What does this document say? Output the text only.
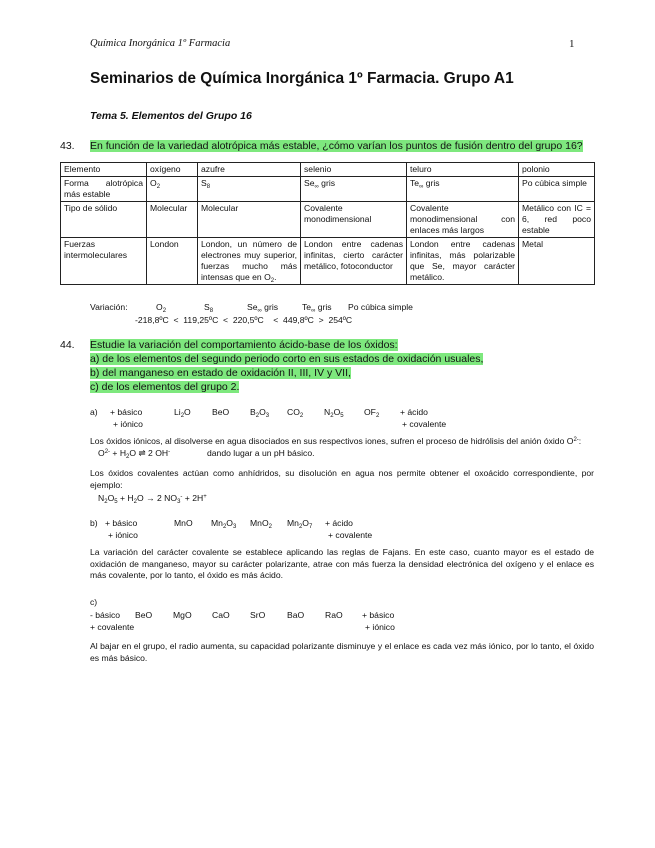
Química Inorgánica 1º Farmacia	1
Seminarios de Química Inorgánica 1º Farmacia. Grupo A1
Tema 5. Elementos del Grupo 16
43. En función de la variedad alotrópica más estable, ¿cómo varían los puntos de fusión dentro del grupo 16?
Elemento	oxígeno	azufre	selenio	teluro	polonio
Forma alotrópica más estable	$O_2$	$S_8$	$Se_\infty$ gris	$Te_\infty$ gris	Po cúbica simple
Tipo de sólido	Molecular	Molecular	Covalente monodimensional	Covalente monodimensional con enlaces más largos	Metálico con IC = 6, red poco estable
Fuerzas intermoleculares	London	London, un número de electrones muy superior, fuerzas mucho más intensas que en $O_2$.	London entre cadenas infinitas, cierto carácter metálico, fotoconductor	London entre cadenas infinitas, más polarizable que Se, mayor carácter metálico.	Metal
Variación:	$O_2$	$S_8$	$Se_\infty$ gris	$Te_\infty$ gris Po cúbica simple
-218,8ºC  <  119,25ºC  <  220,5ºC    <  449,8ºC  >  254ºC
44. Estudie la variación del comportamiento ácido-base de los óxidos:
a) de los elementos del segundo periodo corto en sus estados de oxidación usuales,
b) del manganeso en estado de oxidación II, III, IV y VII,
c) de los elementos del grupo 2.
a) + básico
+ iónico
$Li_2O$ BeO $B_2O_3$ $CO_2$ $N_2O_5$ $OF_2$ + ácido
+ covalente
Los óxidos iónicos, al disolverse en agua disociados en sus respectivos iones, sufren el proceso de hidrólisis del anión óxido $O^{2-}$:
$O^{2-} + H_2O$ ⇌ 2 OH-	dando lugar a un pH básico.
Los óxidos covalentes actúan como anhídridos, su disolución en agua nos permite obtener el oxoácido correspondiente, por ejemplo:
$N_2O_5 + H_2O \to 2$ $NO_3^- + 2H^+$
b) + básico
+ iónico
MnO $Mn_2O_3$ MnO$_2$ $Mn_2O_7$ + ácido
+ covalente
La variación del carácter covalente se establece aplicando las reglas de Fajans. En este caso, cuanto mayor es el estado de oxidación de manganeso, mayor su carácter polarizante, atrae con más fuerza la densidad electrónica del oxígeno y el enlace es más covalente, por lo tanto, el óxido es más ácido.
c)
- básico
+ covalente
BeO MgO CaO SrO	BaO RaO + básico
+ iónico
Al bajar en el grupo, el radio aumenta, su capacidad polarizante disminuye y el enlace es cada vez más iónico, por lo tanto, el óxido es más básico.
